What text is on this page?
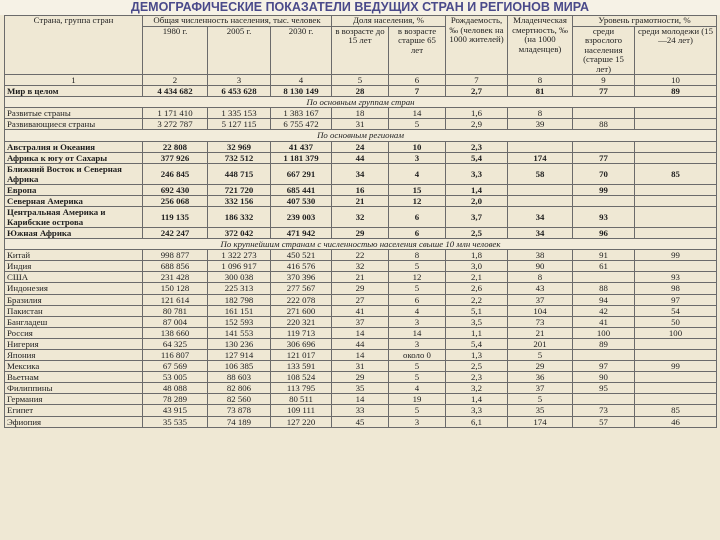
ДЕМОГРАФИЧЕСКИЕ ПОКАЗАТЕЛИ ВЕДУЩИХ СТРАН И РЕГИОНОВ МИРА
Страна, группа стран	Общая численность населения, тыс. человек			Доля населения, %		Рождаемость, ‰ (человек на 1000 жителей)	Младенческая смертность, ‰ (на 1000 младенцев)	Уровень грамотности, %	
	1980 г.	2005 г.	2030 г.	в возрасте до 15 лет	в возрасте старше 65 лет			среди взрослого населения (старше 15 лет)	среди молодежи (15—24 лет)
1	2	3	4	5	6	7	8	9	10
Мир в целом	4 434 682	6 453 628	8 130 149	28	7	2,7	81	77	89
По основным группам стран									
Развитые страны	1 171 410	1 335 153	1 383 167	18	14	1,6	8		
Развивающиеся страны	3 272 787	5 127 115	6 755 472	31	5	2,9	39	88	
По основным регионам									
Австралия и Океания	22 808	32 969	41 437	24	10	2,3			
Африка к югу от Сахары	377 926	732 512	1 181 379	44	3	5,4	174	77	
Ближний Восток и Северная Африка	246 845	448 715	667 291	34	4	3,3	58	70	85
Европа	692 430	721 720	685 441	16	15	1,4		99	
Северная Америка	256 068	332 156	407 530	21	12	2,0			
Центральная Америка и Карибские острова	119 135	186 332	239 003	32	6	3,7	34	93	
Южная Африка	242 247	372 042	471 942	29	6	2,5	34	96	
По крупнейшим странам с численностью населения свыше 10 млн человек									
Китай	998 877	1 322 273	450 521	22	8	1,8	38	91	99
Индия	688 856	1 096 917	416 576	32	5	3,0	90	61	
США	231 428	300 038	370 396	21	12	2,1	8		93
Индонезия	150 128	225 313	277 567	29	5	2,6	43	88	98
Бразилия	121 614	182 798	222 078	27	6	2,2	37	94	97
Пакистан	80 781	161 151	271 600	41	4	5,1	104	42	54
Бангладеш	87 004	152 593	220 321	37	3	3,5	73	41	50
Россия	138 660	141 553	119 713	14	14	1,1	21	100	100
Нигерия	64 325	130 236	306 696	44	3	5,4	201	89	
Япония	116 807	127 914	121 017	14	около 0	1,3	5		
Мексика	67 569	106 385	133 591	31	5	2,5	29	97	99
Вьетнам	53 005	88 603	108 524	29	5	2,3	36	90	
Филиппины	48 088	82 806	113 795	35	4	3,2	37	95	
Германия	78 289	82 560	80 511	14	19	1,4	5		
Египет	43 915	73 878	109 111	33	5	3,3	35	73	85
Эфиопия	35 535	74 189	127 220	45	3	6,1	174	57	46
